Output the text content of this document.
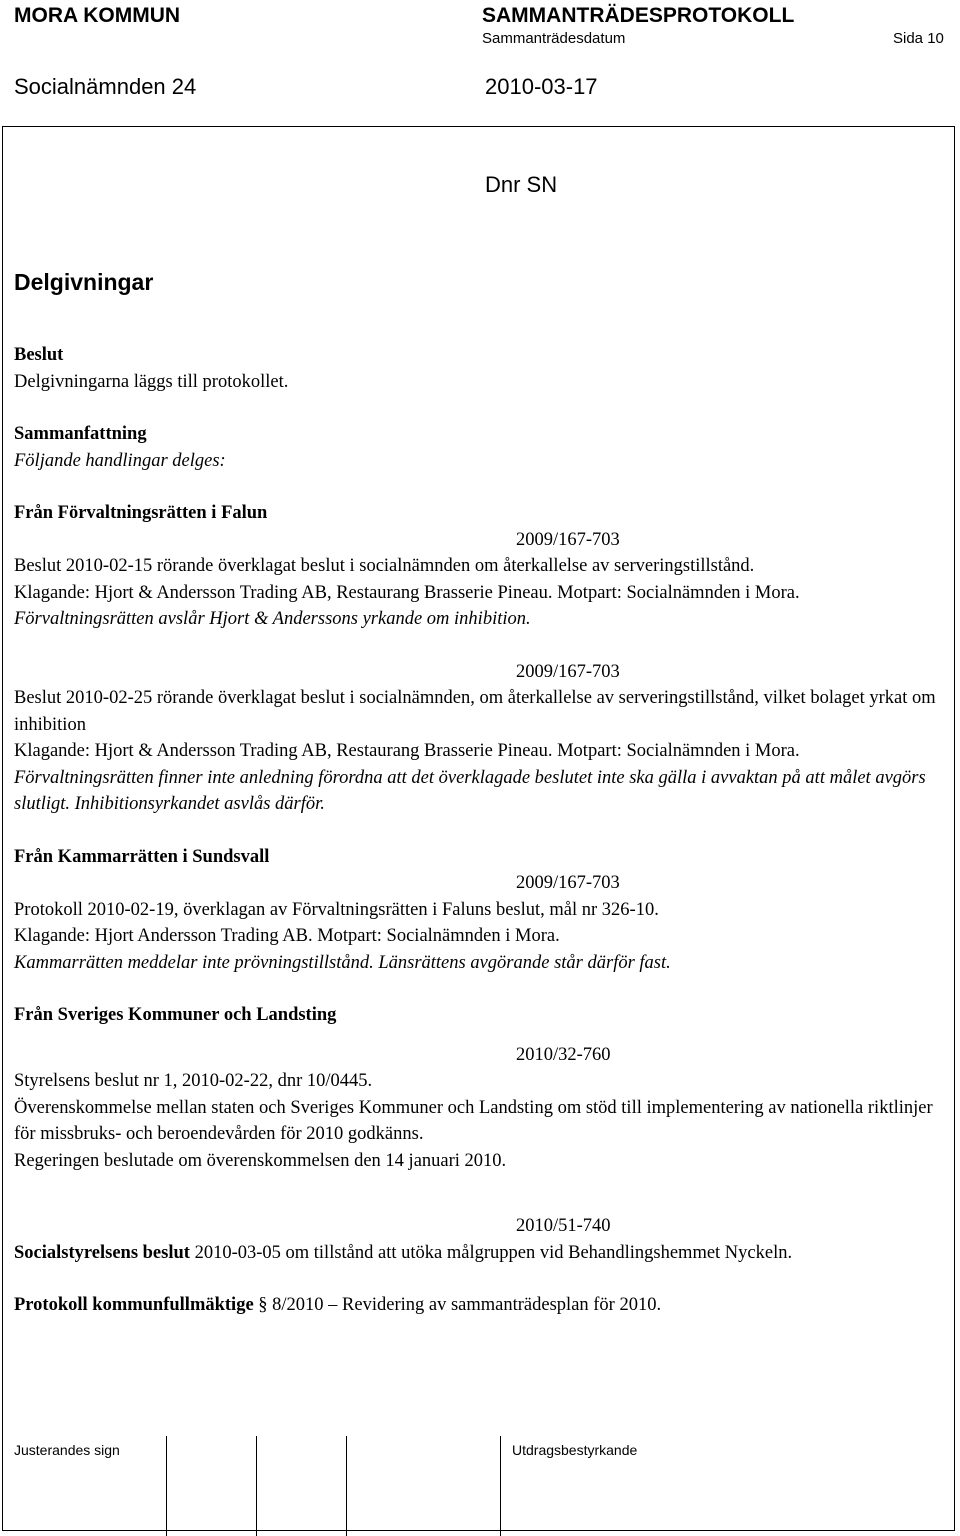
MORA KOMMUN	SAMMANTRÄDESPROTOKOLL
Sammanträdesdatum	Sida 10
Socialnämnden 24	2010-03-17
Dnr SN
Delgivningar

Beslut

Delgivningarna läggs till protokollet.

Sammanfattning

Följande handlingar delges:

Från Förvaltningsrätten i Falun

2009/167-703

Beslut 2010-02-15 rörande överklagat beslut i socialnämnden om återkallelse av serveringstillstånd.

Klagande: Hjort & Andersson Trading AB, Restaurang Brasserie Pineau. Motpart: Socialnämnden i Mora.

Förvaltningsrätten avslår Hjort & Anderssons yrkande om inhibition.

2009/167-703

Beslut 2010-02-25 rörande överklagat beslut i socialnämnden, om återkallelse av serveringstillstånd, vilket bolaget yrkat om inhibition

Klagande: Hjort & Andersson Trading AB, Restaurang Brasserie Pineau. Motpart: Socialnämnden i Mora.

Förvaltningsrätten finner inte anledning förordna att det överklagade beslutet inte ska gälla i avvaktan på att målet avgörs slutligt. Inhibitionsyrkandet asvlås därför.

Från Kammarrätten i Sundsvall

2009/167-703

Protokoll 2010-02-19, överklagan av Förvaltningsrätten i Faluns beslut, mål nr 326-10.

Klagande: Hjort Andersson Trading AB. Motpart: Socialnämnden i Mora.

Kammarrätten meddelar inte prövningstillstånd. Länsrättens avgörande står därför fast.

Från Sveriges Kommuner och Landsting

2010/32-760

Styrelsens beslut nr 1, 2010-02-22, dnr 10/0445.

Överenskommelse mellan staten och Sveriges Kommuner och Landsting om stöd till implementering av nationella riktlinjer för missbruks- och beroendevården för 2010 godkänns.

Regeringen beslutade om överenskommelsen den 14 januari 2010.

2010/51-740

Socialstyrelsens beslut 2010-03-05 om tillstånd att utöka målgruppen vid Behandlingshemmet Nyckeln.

Protokoll kommunfullmäktige § 8/2010 – Revidering av sammanträdesplan för 2010.

Justerandes sign	Utdragsbestyrkande
